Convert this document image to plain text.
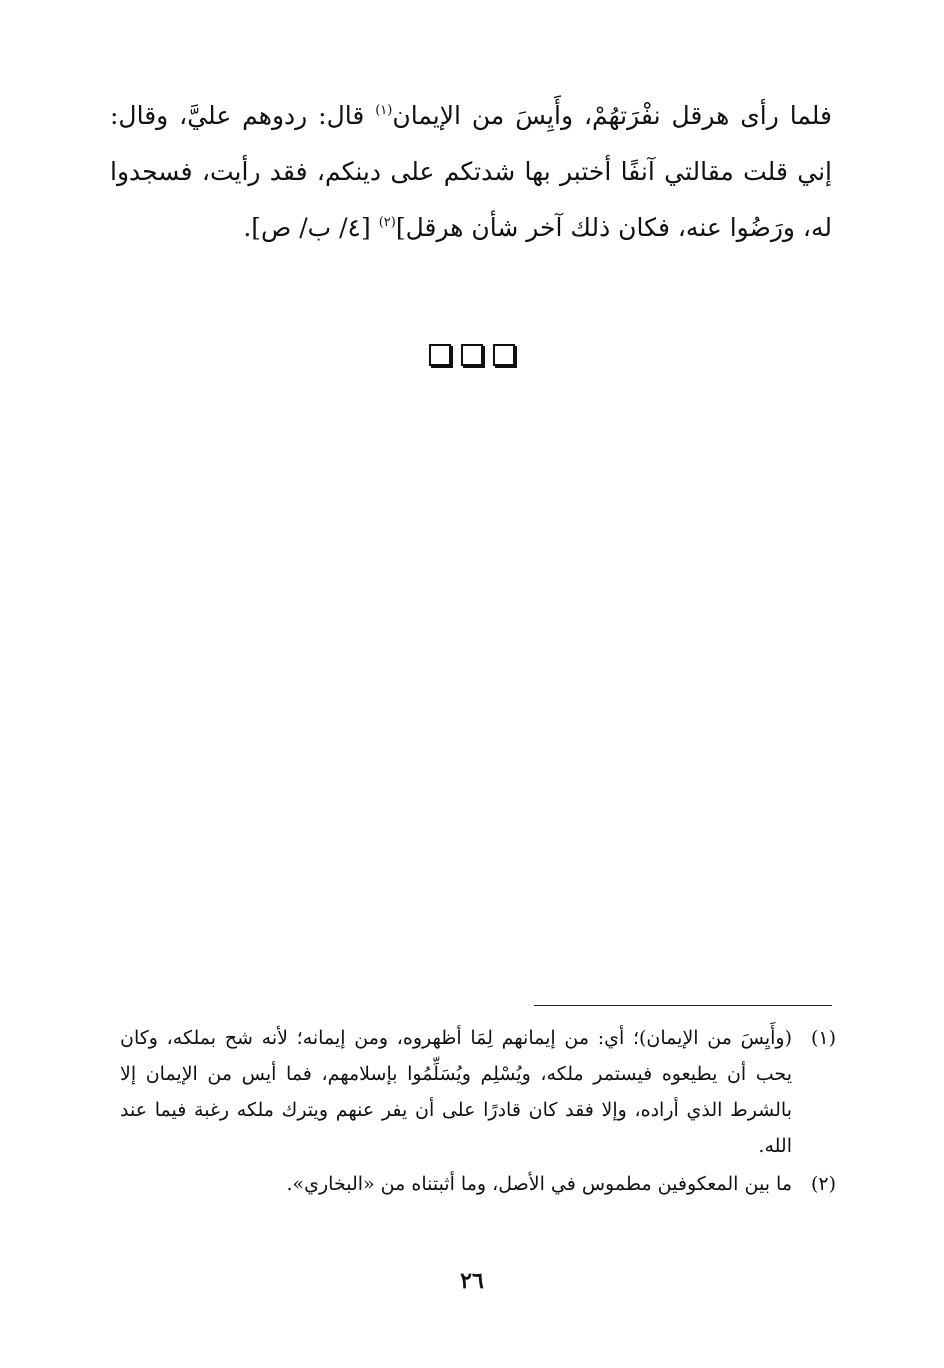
فلما رأى هرقل نفْرَتهُمْ، وأَيِسَ من الإيمان$^{(١)}$ قال: ردوهم عليَّ، وقال: إني قلت مقالتي آنفًا أختبر بها شدتكم على دينكم، فقد رأيت، فسجدوا له، ورَضُوا عنه، فكان ذلك آخر شأن هرقل]$^{(٢)}$ [٤/ ب/ ص].

(١)
(وأَيِسَ من الإيمان)؛ أي: من إيمانهم لِمَا أظهروه، ومن إيمانه؛ لأنه شح بملكه، وكان يحب أن يطيعوه فيستمر ملكه، ويُسْلِم ويُسَلِّمُوا بإسلامهم، فما أيس من الإيمان إلا بالشرط الذي أراده، وإلا فقد كان قادرًا على أن يفر عنهم ويترك ملكه رغبة فيما عند الله.
(٢)
ما بين المعكوفين مطموس في الأصل، وما أثبتناه من «البخاري».
٢٦
